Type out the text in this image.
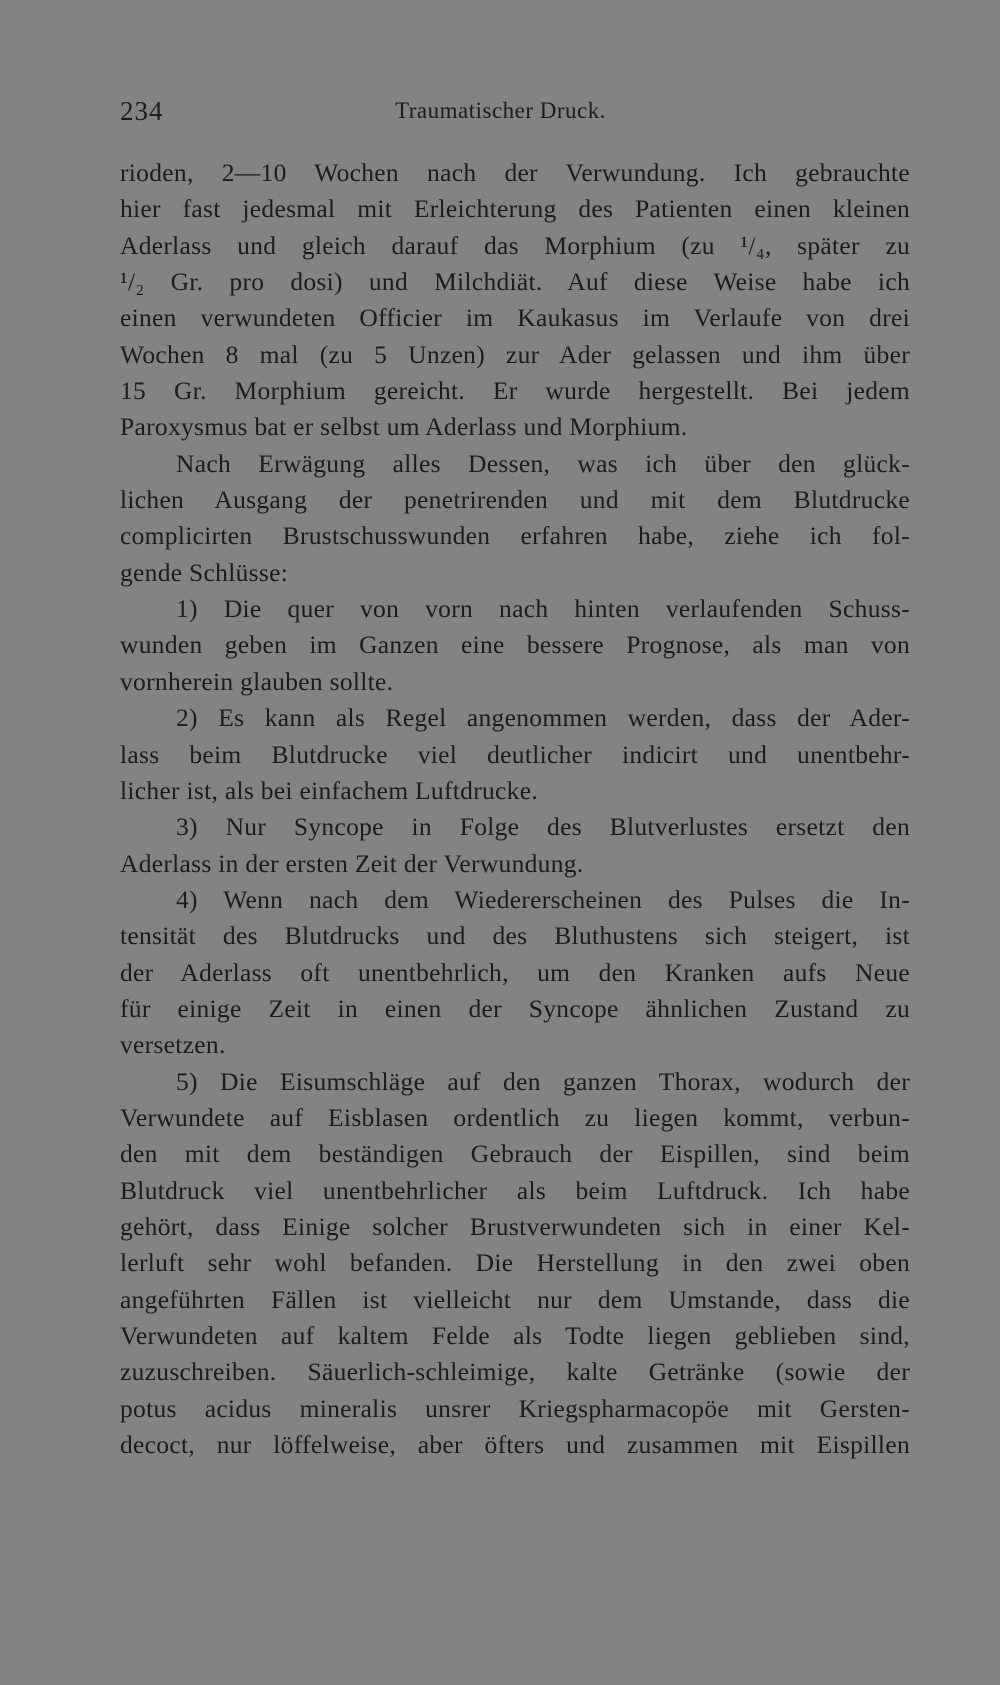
234	Traumatischer Druck.
rioden, 2—10 Wochen nach der Verwundung. Ich gebrauchte
hier fast jedesmal mit Erleichterung des Patienten einen kleinen
Aderlass und gleich darauf das Morphium (zu ¹/₄, später zu
¹/₂ Gr. pro dosi) und Milchdiät. Auf diese Weise habe ich
einen verwundeten Officier im Kaukasus im Verlaufe von drei
Wochen 8 mal (zu 5 Unzen) zur Ader gelassen und ihm über
15 Gr. Morphium gereicht. Er wurde hergestellt. Bei jedem
Paroxysmus bat er selbst um Aderlass und Morphium.
Nach Erwägung alles Dessen, was ich über den glück-
lichen Ausgang der penetrirenden und mit dem Blutdrucke
complicirten Brustschusswunden erfahren habe, ziehe ich fol-
gende Schlüsse:
1) Die quer von vorn nach hinten verlaufenden Schuss-
wunden geben im Ganzen eine bessere Prognose, als man von
vornherein glauben sollte.
2) Es kann als Regel angenommen werden, dass der Ader-
lass beim Blutdrucke viel deutlicher indicirt und unentbehr-
licher ist, als bei einfachem Luftdrucke.
3) Nur Syncope in Folge des Blutverlustes ersetzt den
Aderlass in der ersten Zeit der Verwundung.
4) Wenn nach dem Wiedererscheinen des Pulses die In-
tensität des Blutdrucks und des Bluthustens sich steigert, ist
der Aderlass oft unentbehrlich, um den Kranken aufs Neue
für einige Zeit in einen der Syncope ähnlichen Zustand zu
versetzen.
5) Die Eisumschläge auf den ganzen Thorax, wodurch der
Verwundete auf Eisblasen ordentlich zu liegen kommt, verbun-
den mit dem beständigen Gebrauch der Eispillen, sind beim
Blutdruck viel unentbehrlicher als beim Luftdruck. Ich habe
gehört, dass Einige solcher Brustverwundeten sich in einer Kel-
lerluft sehr wohl befanden. Die Herstellung in den zwei oben
angeführten Fällen ist vielleicht nur dem Umstande, dass die
Verwundeten auf kaltem Felde als Todte liegen geblieben sind,
zuzuschreiben. Säuerlich-schleimige, kalte Getränke (sowie der
potus acidus mineralis unsrer Kriegspharmacopöe mit Gersten-
decoct, nur löffelweise, aber öfters und zusammen mit Eispillen
